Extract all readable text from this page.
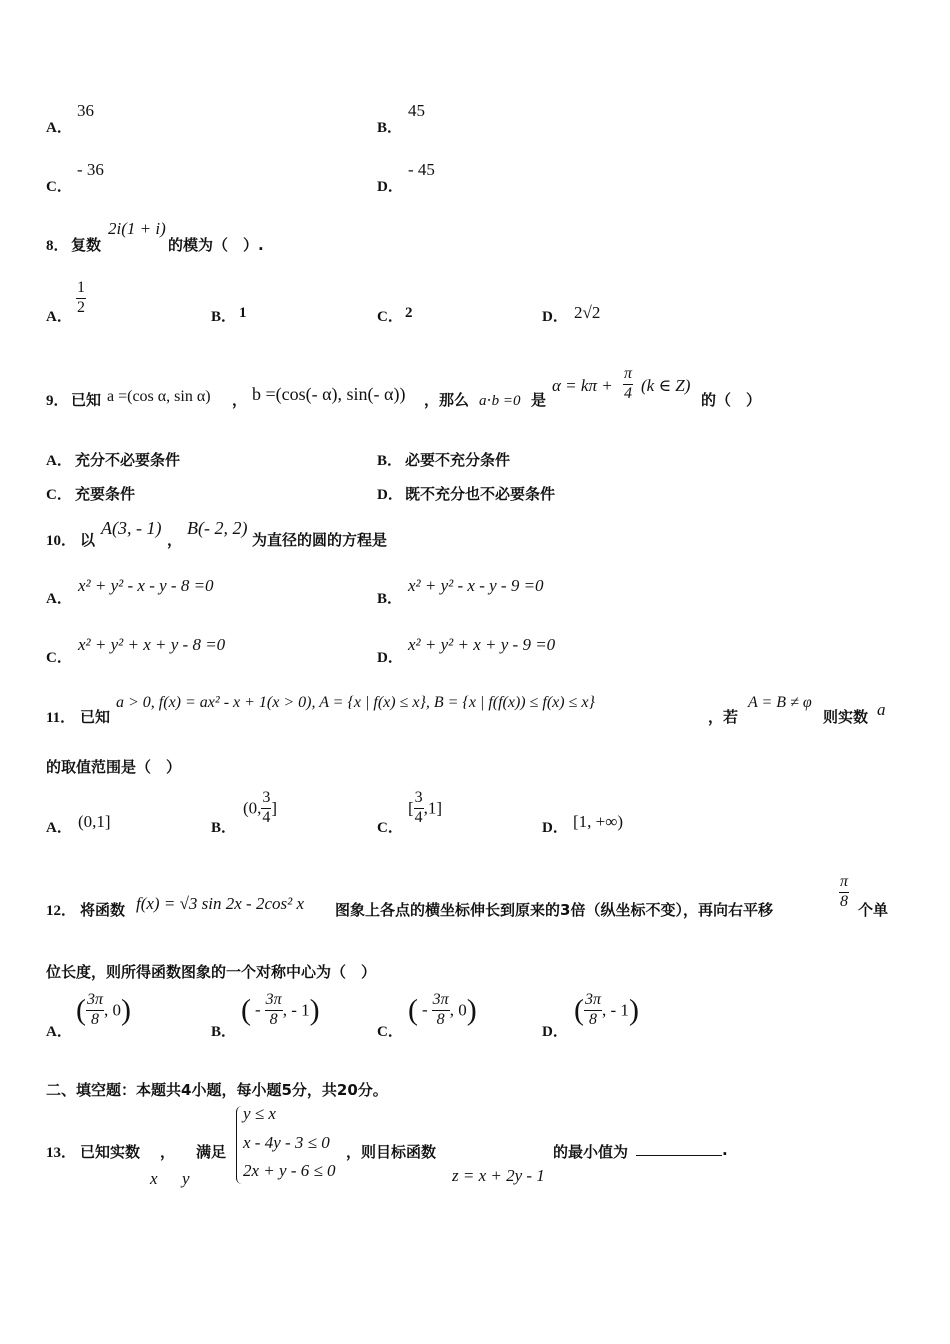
A．
36
B．
45
C．
- 36
D．
- 45
8． 复数
2i(1 + i)
的模为（　）.
A．
$\frac{1}{2}$
B． 1	C． 2	D． 2√2
9． 已知 a =(cos α, sin α) ， b =(cos(- α), sin(- α)) ，那么 a⋅b =0 是
$\alpha = k\pi + \frac{\pi}{4} (k$ ∈ Z)
的（　）
A． 充分不必要条件	B． 必要不充分条件
C． 充要条件	D． 既不充分也不必要条件
10． 以
A(3, - 1)
，
B(- 2, 2)
为直径的圆的方程是
A．
x² + y² - x - y - 8 =0
B．
x² + y² - x - y - 9 =0
C．
x² + y² + x + y - 8 =0
D．
x² + y² + x + y - 9 =0
11． 已知
a > 0, f(x) = ax² - x + 1(x > 0), A = {x | f(x) ≤ x}, B = {x | f(f(x)) ≤ f(x) ≤ x}
，若
A = B ≠ φ
则实数 a
的取值范围是（　）
A． (0,1]	B．
(0, $\frac{3}{4}$ ]
C．
[ $\frac{3}{4} ,1$]
D． [1, +∞)
12． 将函数 f(x) = √3 sin 2x - 2cos² x 图象上各点的横坐标伸长到原来的3倍（纵坐标不变），再向右平移	$\frac{\pi}{8}$ 个单
位长度，则所得函数图象的一个对称中心为（　）
A．
( $\frac{3\pi}{8}$ , 0)
B．
( - $\frac{3\pi}{8}$ , - 1)
C．
( - $\frac{3\pi}{8}$ , 0)
D．
( $\frac{3\pi}{8}$ , - 1)
二、填空题：本题共4小题，每小题5分，共20分。
13． 已知实数 ， 满足
x y
y ≤ x
x - 4y - 3 ≤ 0
2x + y - 6 ≤ 0
，则目标函数	的最小值为	.
z = x + 2y - 1
